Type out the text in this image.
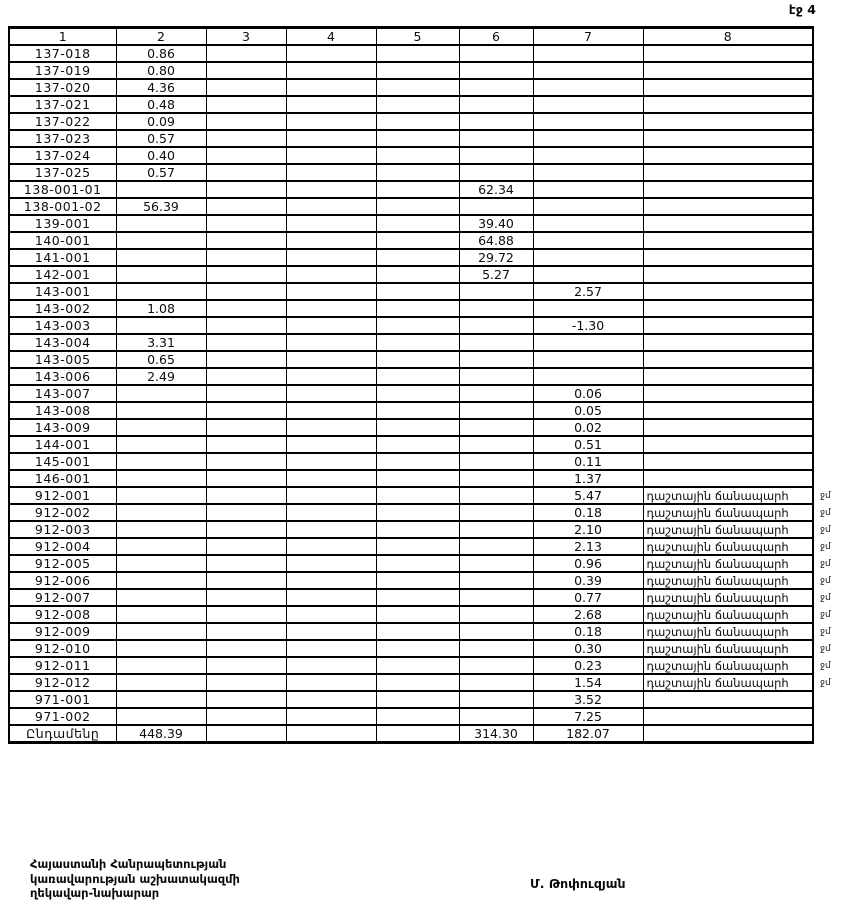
էջ 4
1	2	3	4	5	6	7	8
137-018	0.86						
137-019	0.80						
137-020	4.36						
137-021	0.48						
137-022	0.09						
137-023	0.57						
137-024	0.40						
137-025	0.57						
138-001-01					62.34		
138-001-02	56.39						
139-001					39.40		
140-001					64.88		
141-001					29.72		
142-001					5.27		
143-001						2.57	
143-002	1.08						
143-003						-1.30	
143-004	3.31						
143-005	0.65						
143-006	2.49						
143-007						0.06	
143-008						0.05	
143-009						0.02	
144-001						0.51	
145-001						0.11	
146-001						1.37	
912-001						5.47	դաշտային ճանապարհ ջմ

912-002						0.18	դաշտային ճանապարհ ջմ

912-003						2.10	դաշտային ճանապարհ ջմ

912-004						2.13	դաշտային ճանապարհ ջմ

912-005						0.96	դաշտային ճանապարհ ջմ

912-006						0.39	դաշտային ճանապարհ ջմ

912-007						0.77	դաշտային ճանապարհ ջմ

912-008						2.68	դաշտային ճանապարհ ջմ

912-009						0.18	դաշտային ճանապարհ ջմ

912-010						0.30	դաշտային ճանապարհ ջմ

912-011						0.23	դաշտային ճանապարհ ջմ

912-012						1.54	դաշտային ճանապարհ ջմ

971-001						3.52	
971-002						7.25	
Ընդամենը	448.39				314.30	182.07	
Հայաստանի Հանրապետության
կառավարության աշխատակազմի
ղեկավար-նախարար
Մ. Թոփուզյան
